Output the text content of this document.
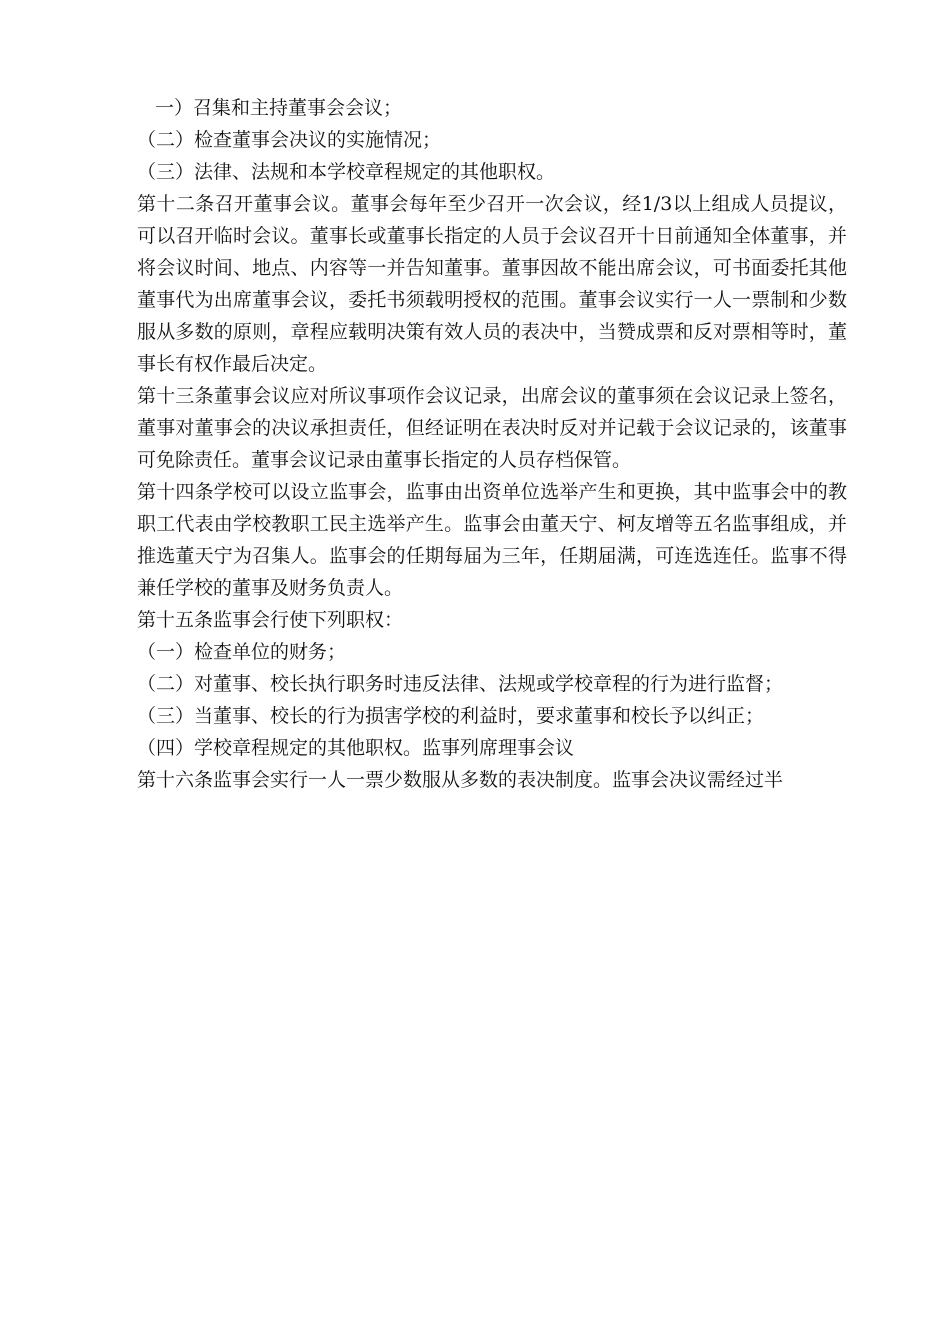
一）召集和主持董事会会议；

（二）检查董事会决议的实施情况；

（三）法律、法规和本学校章程规定的其他职权。

第十二条召开董事会议。董事会每年至少召开一次会议，经1/3以上组成人员提议，可以召开临时会议。董事长或董事长指定的人员于会议召开十日前通知全体董事，并将会议时间、地点、内容等一并告知董事。董事因故不能出席会议，可书面委托其他董事代为出席董事会议，委托书须载明授权的范围。董事会议实行一人一票制和少数服从多数的原则，章程应载明决策有效人员的表决中，当赞成票和反对票相等时，董事长有权作最后决定。

第十三条董事会议应对所议事项作会议记录，出席会议的董事须在会议记录上签名，董事对董事会的决议承担责任，但经证明在表决时反对并记载于会议记录的，该董事可免除责任。董事会议记录由董事长指定的人员存档保管。

第十四条学校可以设立监事会，监事由出资单位选举产生和更换，其中监事会中的教职工代表由学校教职工民主选举产生。监事会由董天宁、柯友增等五名监事组成，并推选董天宁为召集人。监事会的任期每届为三年，任期届满，可连选连任。监事不得兼任学校的董事及财务负责人。

第十五条监事会行使下列职权：

（一）检查单位的财务；

（二）对董事、校长执行职务时违反法律、法规或学校章程的行为进行监督；

（三）当董事、校长的行为损害学校的利益时，要求董事和校长予以纠正；

（四）学校章程规定的其他职权。监事列席理事会议

第十六条监事会实行一人一票少数服从多数的表决制度。监事会决议需经过半
